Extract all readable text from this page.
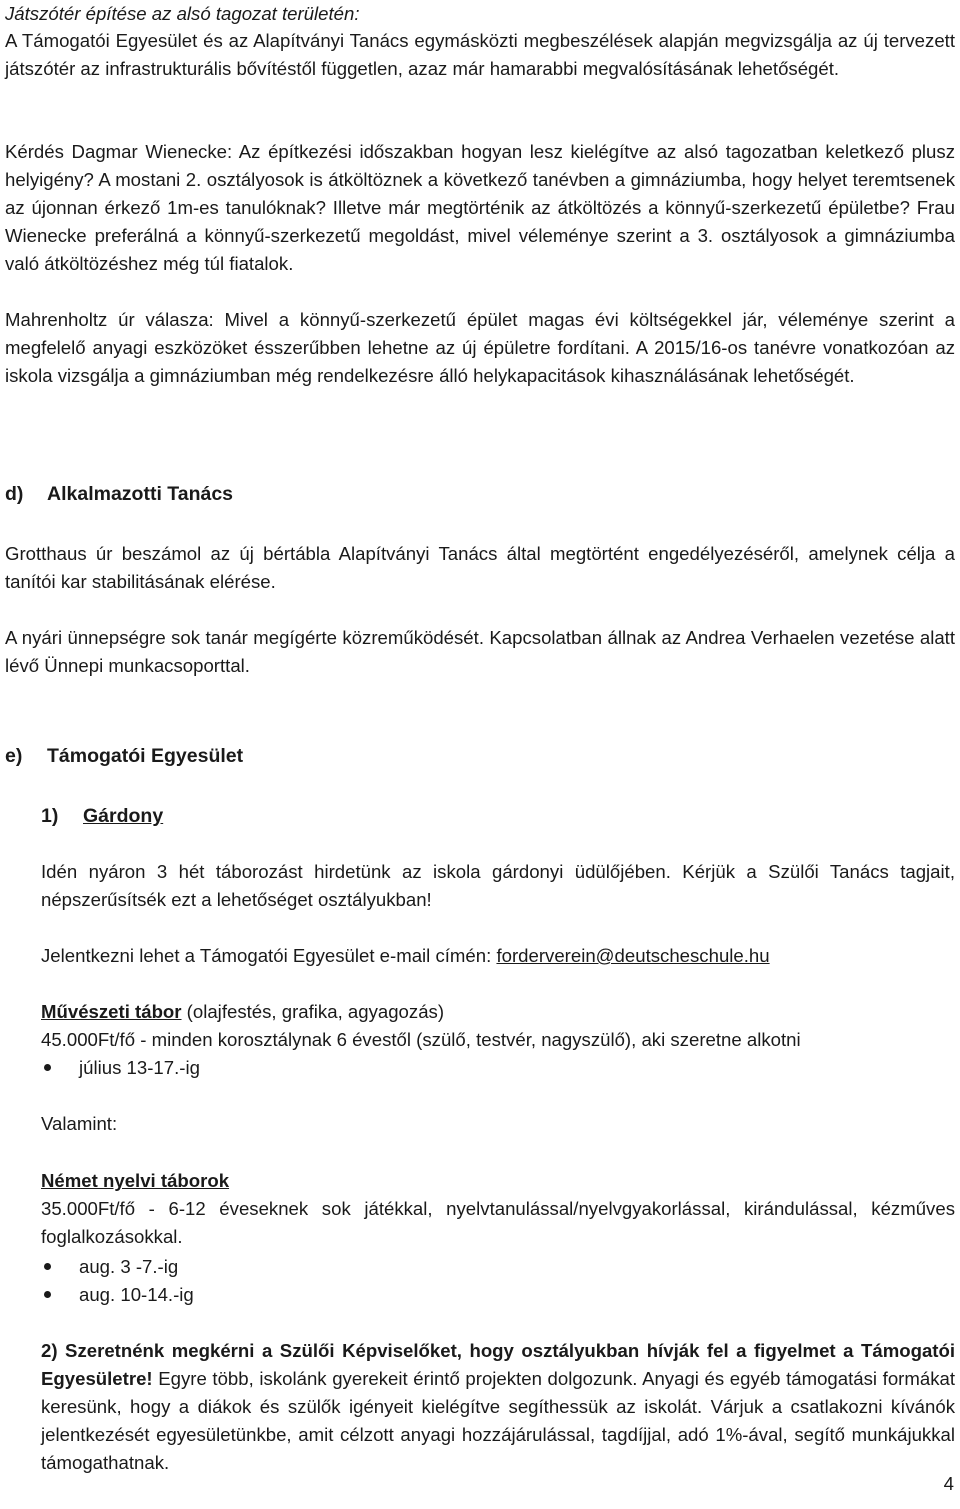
Játszótér építése az alsó tagozat területén:

A Támogatói Egyesület és az Alapítványi Tanács egymásközti megbeszélések alapján megvizsgálja az új tervezett játszótér az infrastrukturális bővítéstől független, azaz már hamarabbi megvalósításának lehetőségét.

Kérdés Dagmar Wienecke: Az építkezési időszakban hogyan lesz kielégítve az alsó tagozatban keletkező plusz helyigény? A mostani 2. osztályosok is átköltöznek a következő tanévben a gimnáziumba, hogy helyet teremtsenek az újonnan érkező 1m-es tanulóknak? Illetve már megtörténik az átköltözés a könnyű-szerkezetű épületbe? Frau Wienecke preferálná a könnyű-szerkezetű megoldást, mivel véleménye szerint a 3. osztályosok a gimnáziumba való átköltözéshez még túl fiatalok.

Mahrenholtz úr válasza: Mivel a könnyű-szerkezetű épület magas évi költségekkel jár, véleménye szerint a megfelelő anyagi eszközöket ésszerűbben lehetne az új épületre fordítani. A 2015/16-os tanévre vonatkozóan az iskola vizsgálja a gimnáziumban még rendelkezésre álló helykapacitások kihasználásának lehetőségét.

d) Alkalmazotti Tanács

Grotthaus úr beszámol az új bértábla Alapítványi Tanács által megtörtént engedélyezéséről, amelynek célja a tanítói kar stabilitásának elérése.

A nyári ünnepségre sok tanár megígérte közreműködését. Kapcsolatban állnak az Andrea Verhaelen vezetése alatt lévő Ünnepi munkacsoporttal.

e) Támogatói Egyesület

1) Gárdony

Idén nyáron 3 hét táborozást hirdetünk az iskola gárdonyi üdülőjében. Kérjük a Szülői Tanács tagjait, népszerűsítsék ezt a lehetőséget osztályukban!

Jelentkezni lehet a Támogatói Egyesület e-mail címén: forderverein@deutscheschule.hu

Művészeti tábor (olajfestés, grafika, agyagozás)

45.000Ft/fő - minden korosztálynak 6 évestől (szülő, testvér, nagyszülő), aki szeretne alkotni

július 13-17.-ig

Valamint:

Német nyelvi táborok

35.000Ft/fő - 6-12 éveseknek sok játékkal, nyelvtanulással/nyelvgyakorlással, kirándulással, kézműves foglalkozásokkal.

aug. 3 -7.-ig
aug. 10-14.-ig

2) Szeretnénk megkérni a Szülői Képviselőket, hogy osztályukban hívják fel a figyelmet a Támogatói Egyesületre! Egyre több, iskolánk gyerekeit érintő projekten dolgozunk. Anyagi és egyéb támogatási formákat keresünk, hogy a diákok és szülők igényeit kielégítve segíthessük az iskolát. Várjuk a csatlakozni kívánók jelentkezését egyesületünkbe, amit célzott anyagi hozzájárulással, tagdíjjal, adó 1%-ával, segítő munkájukkal támogathatnak.

4
